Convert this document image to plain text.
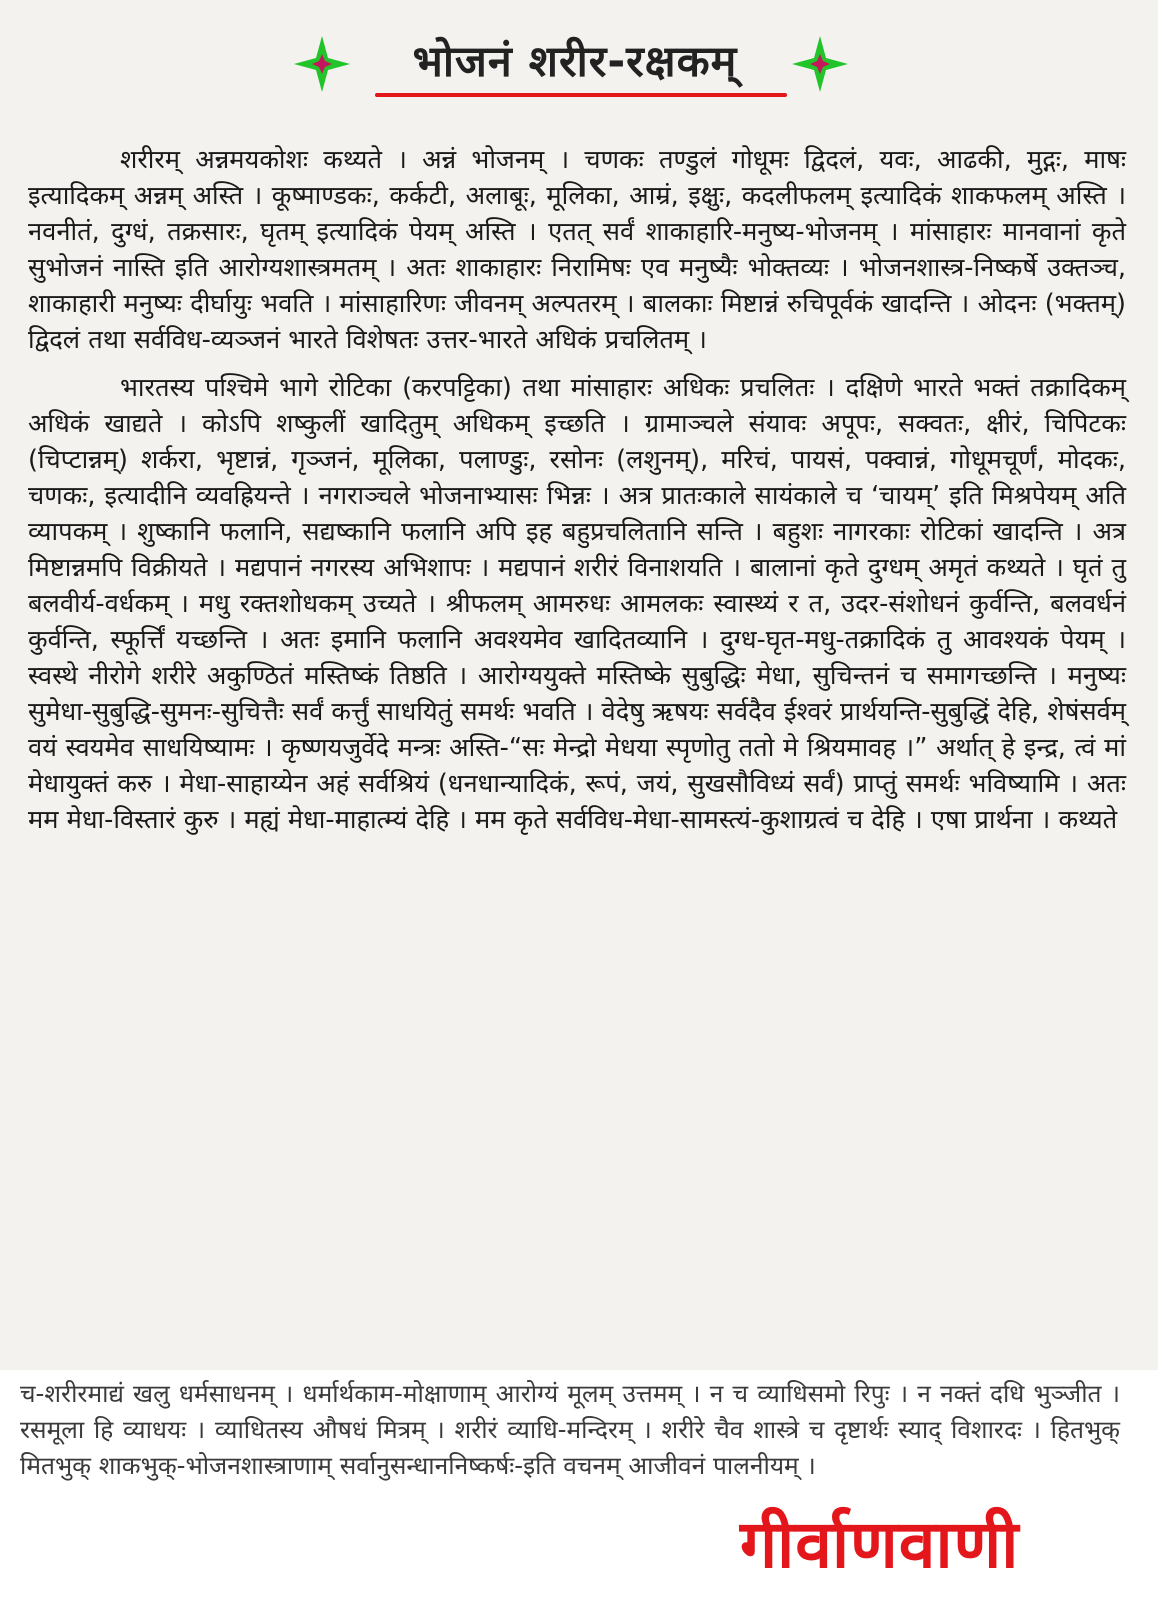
भोजनं शरीर-रक्षकम्

शरीरम् अन्नमयकोशः कथ्यते । अन्नं भोजनम् । चणकः तण्डुलं गोधूमः द्विदलं, यवः, आढकी, मुद्गः, माषः इत्यादिकम् अन्नम् अस्ति । कूष्माण्डकः, कर्कटी, अलाबूः, मूलिका, आम्रं, इक्षुः, कदलीफलम् इत्यादिकं शाकफलम् अस्ति । नवनीतं, दुग्धं, तक्रसारः, घृतम् इत्यादिकं पेयम् अस्ति । एतत् सर्वं शाकाहारि-मनुष्य-भोजनम् । मांसाहारः मानवानां कृते सुभोजनं नास्ति इति आरोग्यशास्त्रमतम् । अतः शाकाहारः निरामिषः एव मनुष्यैः भोक्तव्यः । भोजनशास्त्र-निष्कर्षे उक्तञ्च, शाकाहारी मनुष्यः दीर्घायुः भवति । मांसाहारिणः जीवनम् अल्पतरम् । बालकाः मिष्टान्नं रुचिपूर्वकं खादन्ति । ओदनः (भक्तम्) द्विदलं तथा सर्वविध-व्यञ्जनं भारते विशेषतः उत्तर-भारते अधिकं प्रचलितम् ।

भारतस्य पश्चिमे भागे रोटिका (करपट्टिका) तथा मांसाहारः अधिकः प्रचलितः । दक्षिणे भारते भक्तं तक्रादिकम् अधिकं खाद्यते । कोऽपि शष्कुलीं खादितुम् अधिकम् इच्छति । ग्रामाञ्चले संयावः अपूपः, सक्वतः, क्षीरं, चिपिटकः (चिप्टान्नम्) शर्करा, भृष्टान्नं, गृञ्जनं, मूलिका, पलाण्डुः, रसोनः (लशुनम्), मरिचं, पायसं, पक्वान्नं, गोधूमचूर्णं, मोदकः, चणकः, इत्यादीनि व्यवह्रियन्ते । नगराञ्चले भोजनाभ्यासः भिन्नः । अत्र प्रातःकाले सायंकाले च ‘चायम्’ इति मिश्रपेयम् अति व्यापकम् । शुष्कानि फलानि, सद्यष्कानि फलानि अपि इह बहुप्रचलितानि सन्ति । बहुशः नागरकाः रोटिकां खादन्ति । अत्र मिष्टान्नमपि विक्रीयते । मद्यपानं नगरस्य अभिशापः । मद्यपानं शरीरं विनाशयति । बालानां कृते दुग्धम् अमृतं कथ्यते । घृतं तु बलवीर्य-वर्धकम् । मधु रक्तशोधकम् उच्यते । श्रीफलम् आमरुधः आमलकः स्वास्थ्यं र त, उदर-संशोधनं कुर्वन्ति, बलवर्धनं कुर्वन्ति, स्फूर्त्तिं यच्छन्ति । अतः इमानि फलानि अवश्यमेव खादितव्यानि । दुग्ध-घृत-मधु-तक्रादिकं तु आवश्यकं पेयम् । स्वस्थे नीरोगे शरीरे अकुण्ठितं मस्तिष्कं तिष्ठति । आरोग्ययुक्ते मस्तिष्के सुबुद्धिः मेधा, सुचिन्तनं च समागच्छन्ति । मनुष्यः सुमेधा-सुबुद्धि-सुमनः-सुचित्तैः सर्वं कर्त्तुं साधयितुं समर्थः भवति । वेदेषु ऋषयः सर्वदैव ईश्वरं प्रार्थयन्ति-सुबुद्धिं देहि, शेषंसर्वम् वयं स्वयमेव साधयिष्यामः । कृष्णयजुर्वेदे मन्त्रः अस्ति-“सः मेन्द्रो मेधया स्पृणोतु ततो मे श्रियमावह ।” अर्थात् हे इन्द्र, त्वं मां मेधायुक्तं करु । मेधा-साहाय्येन अहं सर्वश्रियं (धनधान्यादिकं, रूपं, जयं, सुखसौविध्यं सर्वं) प्राप्तुं समर्थः भविष्यामि । अतः मम मेधा-विस्तारं कुरु । मह्यं मेधा-माहात्म्यं देहि । मम कृते सर्वविध-मेधा-सामस्त्यं-कुशाग्रत्वं च देहि । एषा प्रार्थना । कथ्यते

च-शरीरमाद्यं खलु धर्मसाधनम् । धर्मार्थकाम-मोक्षाणाम् आरोग्यं मूलम् उत्तमम् । न च व्याधिसमो रिपुः । न नक्तं दधि भुञ्जीत । रसमूला हि व्याधयः । व्याधितस्य औषधं मित्रम् । शरीरं व्याधि-मन्दिरम् । शरीरे चैव शास्त्रे च दृष्टार्थः स्याद् विशारदः । हितभुक् मितभुक् शाकभुक्-भोजनशास्त्राणाम् सर्वानुसन्धाननिष्कर्षः-इति वचनम् आजीवनं पालनीयम् ।
गीर्वाणवाणी
